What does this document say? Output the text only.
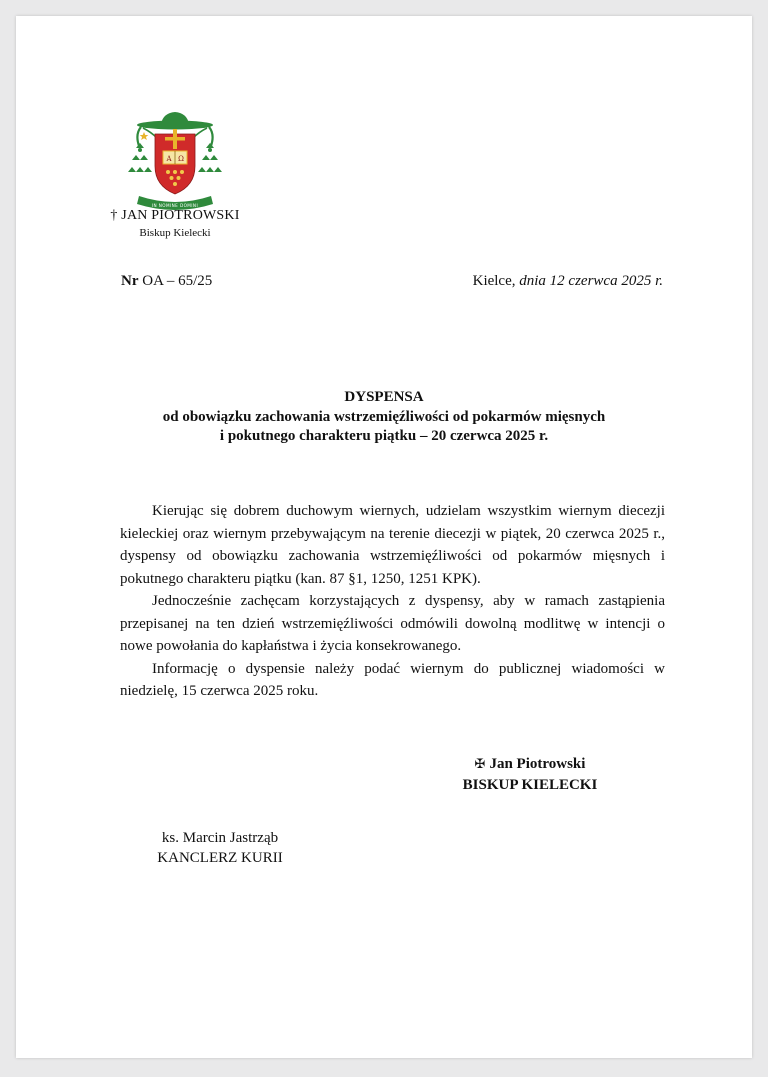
A Ω
IN NOMINE DOMINI
† JAN PIOTROWSKI
Biskup Kielecki
Nr OA – 65/25	Kielce, dnia 12 czerwca 2025 r.
DYSPENSA
od obowiązku zachowania wstrzemięźliwości od pokarmów mięsnych
i pokutnego charakteru piątku – 20 czerwca 2025 r.

Kierując się dobrem duchowym wiernych, udzielam wszystkim wiernym diecezji kieleckiej oraz wiernym przebywającym na terenie diecezji w piątek, 20 czerwca 2025 r., dyspensy od obowiązku zachowania wstrzemięźliwości od pokarmów mięsnych i pokutnego charakteru piątku (kan. 87 §1, 1250, 1251 KPK).

Jednocześnie zachęcam korzystających z dyspensy, aby w ramach zastąpienia przepisanej na ten dzień wstrzemięźliwości odmówili dowolną modlitwę w intencji o nowe powołania do kapłaństwa i życia konsekrowanego.

Informację o dyspensie należy podać wiernym do publicznej wiadomości w niedzielę, 15 czerwca 2025 roku.

✠ Jan Piotrowski
BISKUP KIELECKI
ks. Marcin Jastrząb
KANCLERZ KURII
